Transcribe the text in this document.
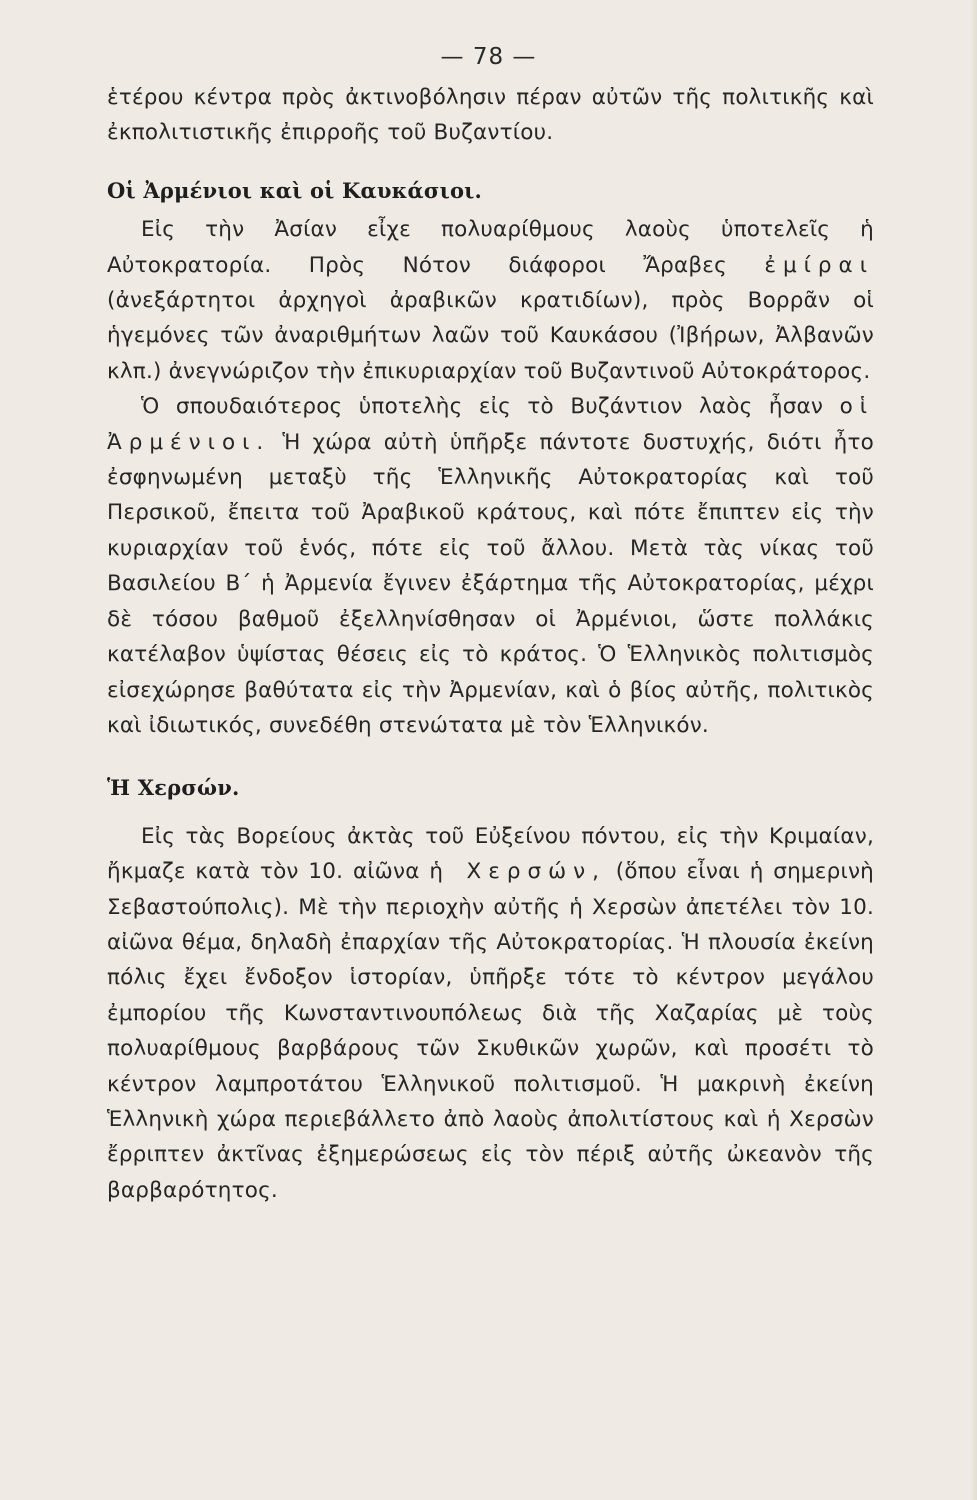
— 78 —

ἑτέρου κέντρα πρὸς ἀκτινοβόλησιν πέραν αὐτῶν τῆς πολιτικῆς καὶ ἐκπολιτιστικῆς ἐπιρροῆς τοῦ Βυζαντίου.

Οἱ Ἀρμένιοι καὶ οἱ Καυκάσιοι.

Εἰς τὴν Ἀσίαν εἶχε πολυαρίθμους λαοὺς ὑποτελεῖς ἡ Αὐτοκρατορία. Πρὸς Νότον διάφοροι Ἄραβες ἐμίραι (ἀνεξάρτητοι ἀρχηγοὶ ἀραβικῶν κρατιδίων), πρὸς Βορρᾶν οἱ ἡγεμόνες τῶν ἀναριθμήτων λαῶν τοῦ Καυκάσου (Ἰβήρων, Ἀλβανῶν κλπ.) ἀνεγνώριζον τὴν ἐπικυριαρχίαν τοῦ Βυζαντινοῦ Αὐτοκράτορος.

Ὁ σπουδαιότερος ὑποτελὴς εἰς τὸ Βυζάντιον λαὸς ἦσαν οἱ Ἀρμένιοι. Ἡ χώρα αὐτὴ ὑπῆρξε πάντοτε δυστυχής, διότι ἦτο ἐσφηνωμένη μεταξὺ τῆς Ἑλληνικῆς Αὐτοκρατορίας καὶ τοῦ Περσικοῦ, ἔπειτα τοῦ Ἀραβικοῦ κράτους, καὶ πότε ἔπιπτεν εἰς τὴν κυριαρχίαν τοῦ ἑνός, πότε εἰς τοῦ ἄλλου. Μετὰ τὰς νίκας τοῦ Βασιλείου Β΄ ἡ Ἀρμενία ἔγινεν ἐξάρτημα τῆς Αὐτοκρατορίας, μέχρι δὲ τόσου βαθμοῦ ἐξελληνίσθησαν οἱ Ἀρμένιοι, ὥστε πολλάκις κατέλαβον ὑψίστας θέσεις εἰς τὸ κράτος. Ὁ Ἑλληνικὸς πολιτισμὸς εἰσεχώρησε βαθύτατα εἰς τὴν Ἀρμενίαν, καὶ ὁ βίος αὐτῆς, πολιτικὸς καὶ ἰδιωτικός, συνεδέθη στενώτατα μὲ τὸν Ἑλληνικόν.

Ἡ Χερσών.

Εἰς τὰς Βορείους ἀκτὰς τοῦ Εὐξείνου πόντου, εἰς τὴν Κριμαίαν, ἤκμαζε κατὰ τὸν 10. αἰῶνα ἡ Χερσών, (ὅπου εἶναι ἡ σημερινὴ Σεβαστούπολις). Μὲ τὴν περιοχὴν αὐτῆς ἡ Χερσὼν ἀπετέλει τὸν 10. αἰῶνα θέμα, δηλαδὴ ἐπαρχίαν τῆς Αὐτοκρατορίας. Ἡ πλουσία ἐκείνη πόλις ἔχει ἔνδοξον ἱστορίαν, ὑπῆρξε τότε τὸ κέντρον μεγάλου ἐμπορίου τῆς Κωνσταντινουπόλεως διὰ τῆς Χαζαρίας μὲ τοὺς πολυαρίθμους βαρβάρους τῶν Σκυθικῶν χωρῶν, καὶ προσέτι τὸ κέντρον λαμπροτάτου Ἑλληνικοῦ πολιτισμοῦ. Ἡ μακρινὴ ἐκείνη Ἑλληνικὴ χώρα περιεβάλλετο ἀπὸ λαοὺς ἀπολιτίστους καὶ ἡ Χερσὼν ἔρριπτεν ἀκτῖνας ἐξημερώσεως εἰς τὸν πέριξ αὐτῆς ὠκεανὸν τῆς βαρβαρότητος.
